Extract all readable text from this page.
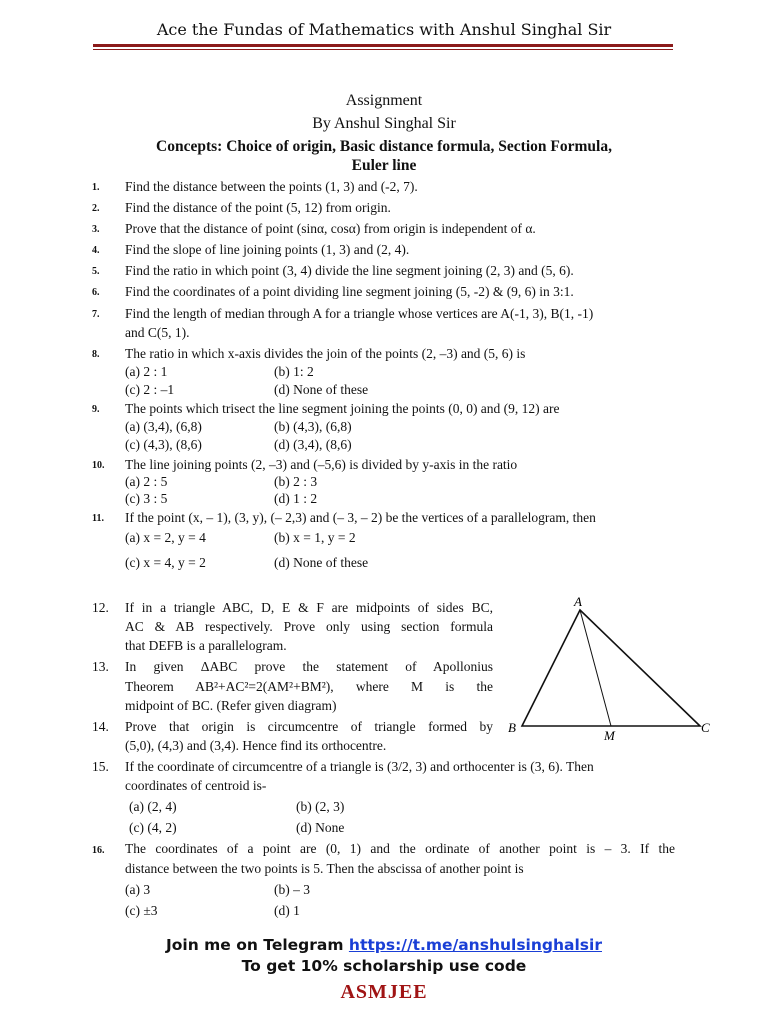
Ace the Fundas of Mathematics with Anshul Singhal Sir
Assignment
By Anshul Singhal Sir
Concepts: Choice of origin, Basic distance formula, Section Formula,
Euler line
1. Find the distance between the points (1, 3) and (-2, 7).
2. Find the distance of the point (5, 12) from origin.
3. Prove that the distance of point (sinα, cosα) from origin is independent of α.
4. Find the slope of line joining points (1, 3) and (2, 4).
5. Find the ratio in which point (3, 4) divide the line segment joining (2, 3) and (5, 6).
6. Find the coordinates of a point dividing line segment joining (5, -2) & (9, 6) in 3:1.
7. Find the length of median through A for a triangle whose vertices are A(-1, 3), B(1, -1)
and C(5, 1).
8. The ratio in which x-axis divides the join of the points (2, –3) and (5, 6) is
(a) 2 : 1	(b) 1: 2
(c) 2 : –1	(d) None of these
9. The points which trisect the line segment joining the points (0, 0) and (9, 12) are
(a) (3,4), (6,8)	(b) (4,3), (6,8)
(c) (4,3), (8,6)	(d) (3,4), (8,6)
10. The line joining points (2, –3) and (–5,6) is divided by y-axis in the ratio
(a) 2 : 5	(b) 2 : 3
(c) 3 : 5	(d) 1 : 2
11. If the point (x, – 1), (3, y), (– 2,3) and (– 3, – 2) be the vertices of a parallelogram, then
(a) x = 2, y = 4	(b) x = 1, y = 2
(c) x = 4, y = 2	(d) None of these
12. If in a triangle ABC, D, E & F are midpoints of sides BC,
AC & AB respectively. Prove only using section formula
that DEFB is a parallelogram.
13. In given ΔABC prove the statement of Apollonius
Theorem AB²+AC²=2(AM²+BM²), where M is the
midpoint of BC. (Refer given diagram)
14. Prove that origin is circumcentre of triangle formed by
(5,0), (4,3) and (3,4). Hence find its orthocentre.
A
B
M
C
15. If the coordinate of circumcentre of a triangle is (3/2, 3) and orthocenter is (3, 6). Then
coordinates of centroid is-
(a) (2, 4)	(b) (2, 3)
(c) (4, 2)	(d) None
16. The coordinates of a point are (0, 1) and the ordinate of another point is – 3. If the
distance between the two points is 5. Then the abscissa of another point is
(a) 3	(b) – 3
(c) ±3	(d) 1
Join me on Telegram https://t.me/anshulsinghalsir
To get 10% scholarship use code
ASMJEE
